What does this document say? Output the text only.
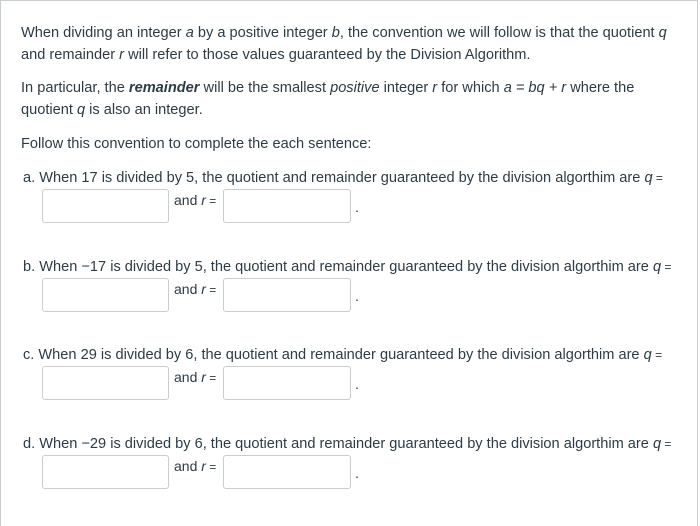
When dividing an integer a by a positive integer b, the convention we will follow is that the quotient q and remainder r will refer to those values guaranteed by the Division Algorithm.

In particular, the remainder will be the smallest positive integer r for which a = bq + r where the quotient q is also an integer.

Follow this convention to complete the each sentence:

a. When 17 is divided by 5, the quotient and remainder guaranteed by the division algorthim are q =
and r =	.
b. When −17 is divided by 5, the quotient and remainder guaranteed by the division algorthim are q =
and r =	.
c. When 29 is divided by 6, the quotient and remainder guaranteed by the division algorthim are q =
and r =	.
d. When −29 is divided by 6, the quotient and remainder guaranteed by the division algorthim are q =
and r =	.
